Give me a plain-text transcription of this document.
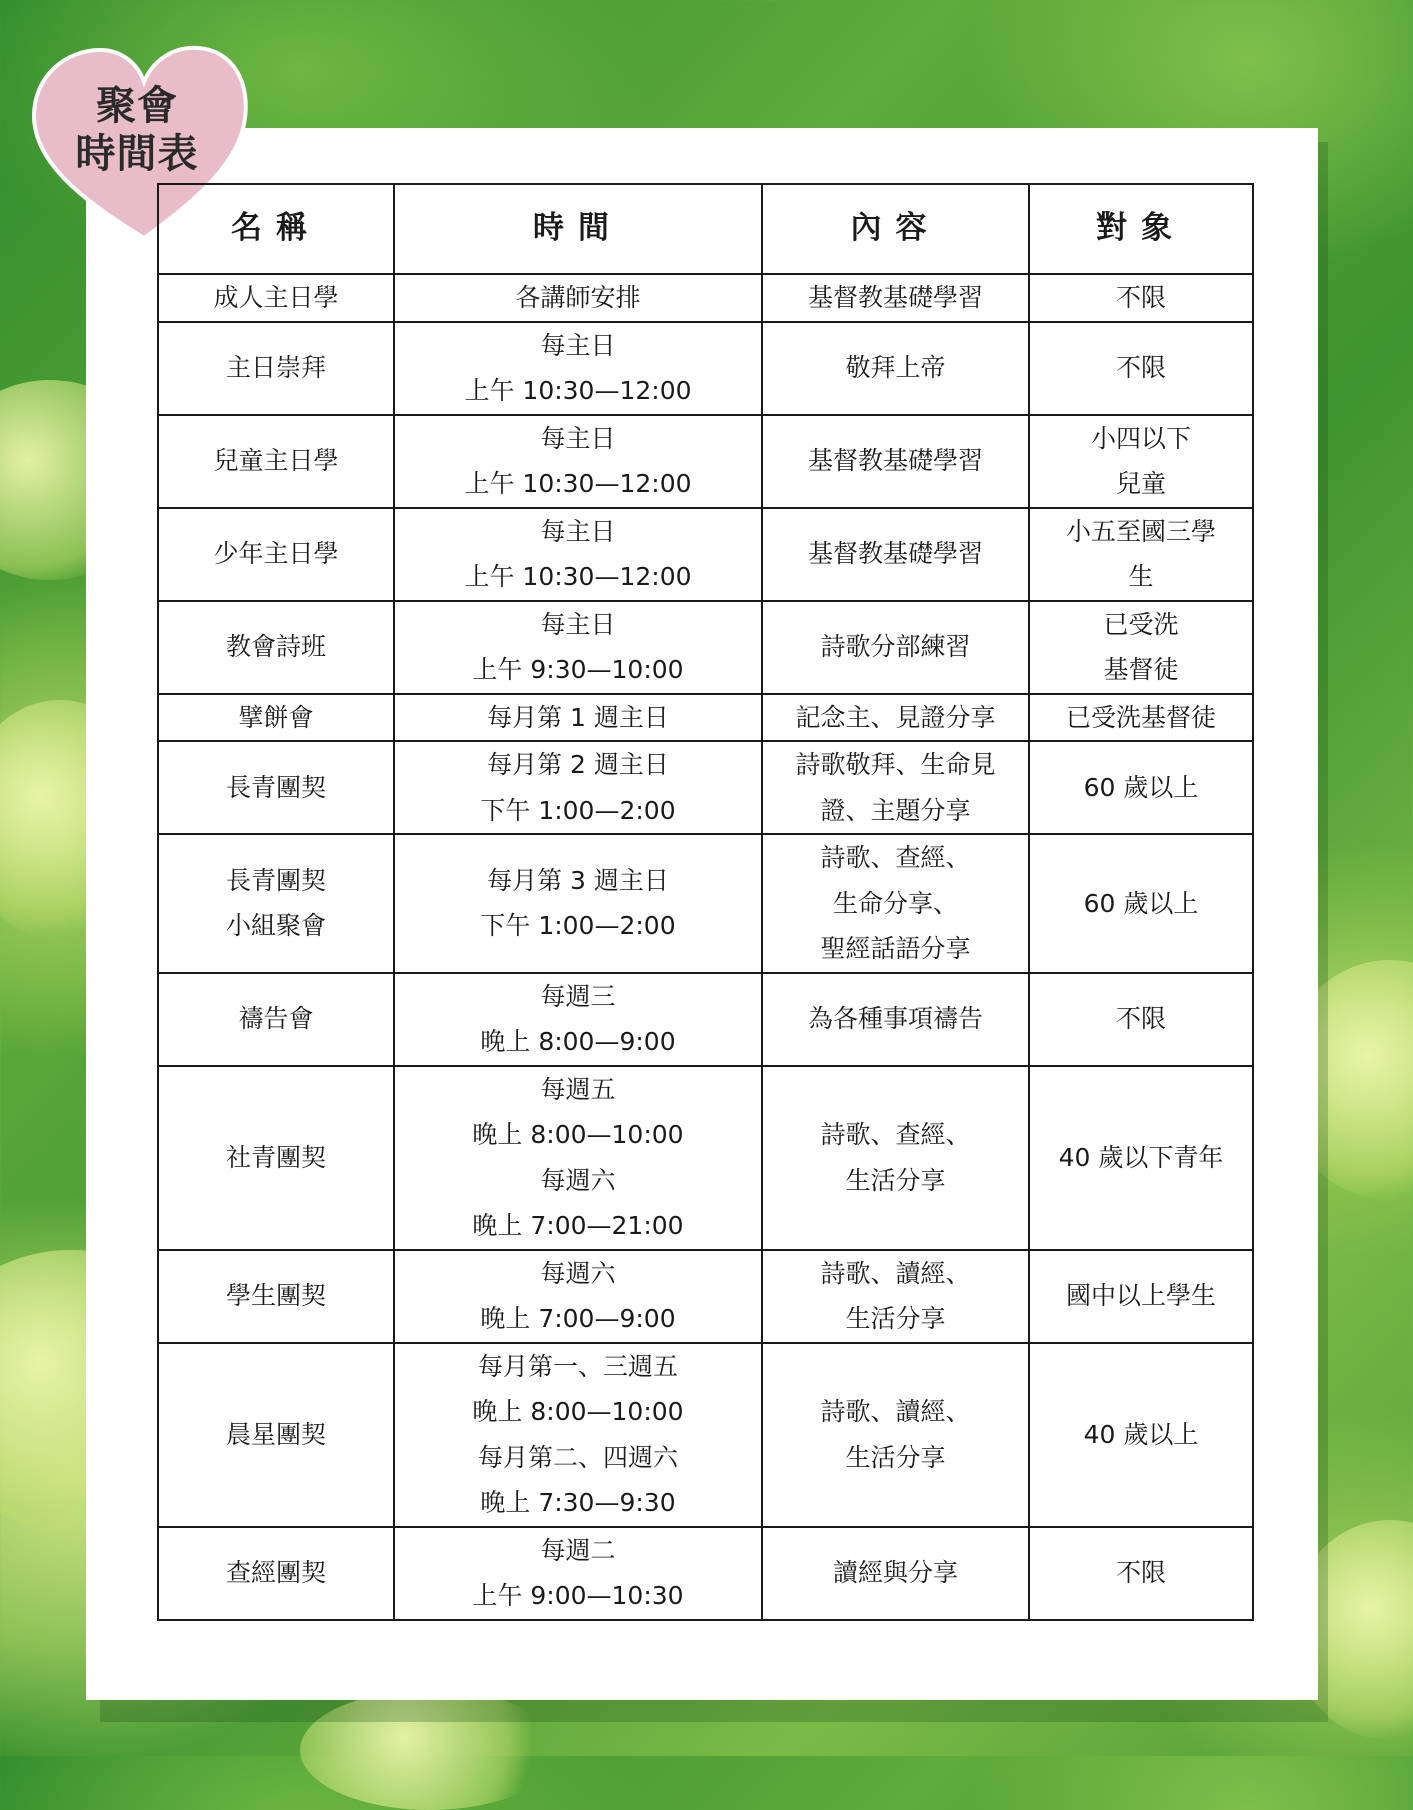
聚會
時間表
名稱	時間	內容	對象

成人主日學	各講師安排	基督教基礎學習	不限

主日崇拜	每主日
上午 10:30—12:00	敬拜上帝	不限

兒童主日學	每主日
上午 10:30—12:00	基督教基礎學習	小四以下
兒童

少年主日學	每主日
上午 10:30—12:00	基督教基礎學習	小五至國三學
生

教會詩班	每主日
上午 9:30—10:00	詩歌分部練習	已受洗
基督徒

擘餅會	每月第 1 週主日	記念主、見證分享	已受洗基督徒

長青團契	每月第 2 週主日
下午 1:00—2:00	詩歌敬拜、生命見
證、主題分享	60 歲以上

長青團契
小組聚會	每月第 3 週主日
下午 1:00—2:00	詩歌、查經、
生命分享、
聖經話語分享	60 歲以上

禱告會	每週三
晚上 8:00—9:00	為各種事項禱告	不限

社青團契	每週五
晚上 8:00—10:00
每週六
晚上 7:00—21:00	詩歌、查經、
生活分享	40 歲以下青年

學生團契	每週六
晚上 7:00—9:00	詩歌、讀經、
生活分享	國中以上學生

晨星團契	每月第一、三週五
晚上 8:00—10:00
每月第二、四週六
晚上 7:30—9:30	詩歌、讀經、
生活分享	40 歲以上

查經團契	每週二
上午 9:00—10:30	讀經與分享	不限
